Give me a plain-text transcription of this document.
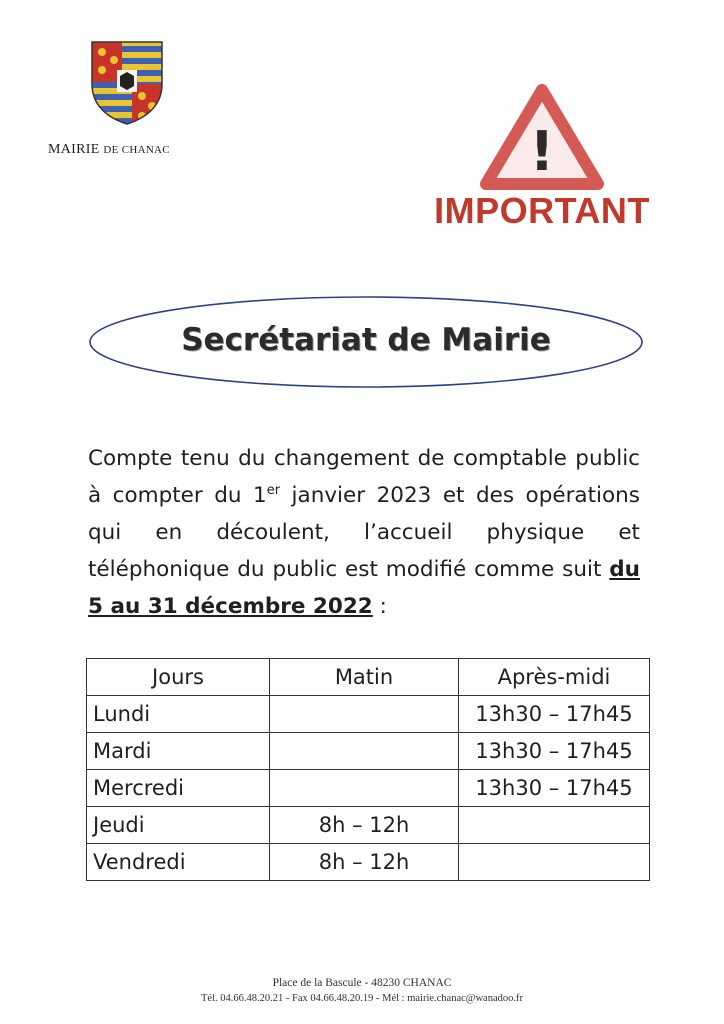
MAIRIE DE CHANAC	!
IMPORTANT
Secrétariat de Mairie
Compte tenu du changement de comptable public à compter du 1er janvier 2023 et des opérations qui en découlent, l’accueil physique et téléphonique du public est modifié comme suit du 5 au 31 décembre 2022 :
Jours	Matin	Après-midi
Lundi		13h30 – 17h45
Mardi		13h30 – 17h45
Mercredi		13h30 – 17h45
Jeudi	8h – 12h	
Vendredi	8h – 12h	
Place de la Bascule - 48230 CHANAC
Tél. 04.66.48.20.21 - Fax 04.66.48.20.19 - Mél : mairie.chanac@wanadoo.fr
